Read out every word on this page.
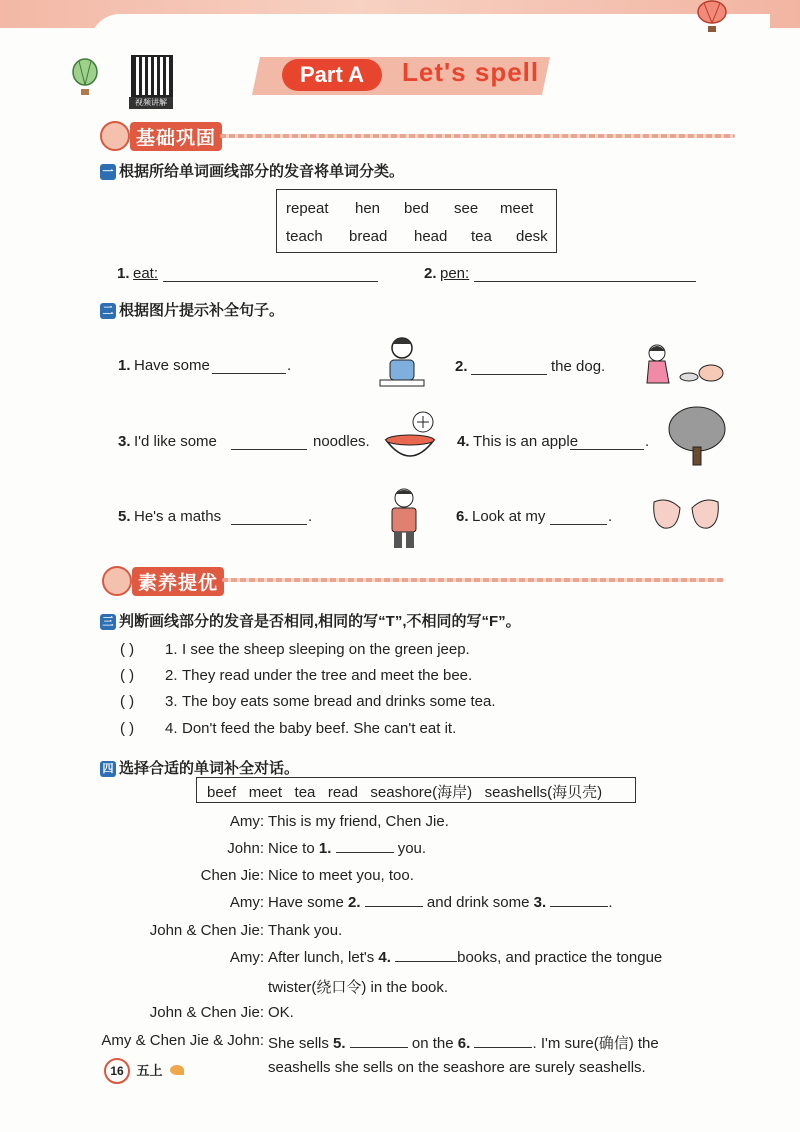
视频讲解
Part A	Let's spell
基础巩固
一 根据所给单词画线部分的发音将单词分类。
repeat hen bed see meet
teach bread head tea desk
1. eat:	2. pen:
二 根据图片提示补全句子。
1. Have some	.	2.	the dog.
3. I'd like some	noodles.	4. This is an apple	.
5. He's a maths	.	6. Look at my	.
素养提优
三 判断画线部分的发音是否相同,相同的写“T”,不相同的写“F”。
( ) 1. I see the sheep sleeping on the green jeep.
( ) 2. They read under the tree and meet the bee.
( ) 3. The boy eats some bread and drinks some tea.
( ) 4. Don't feed the baby beef. She can't eat it.
四 选择合适的单词补全对话。
beef   meet   tea   read   seashore(海岸)   seashells(海贝壳)
Amy: This is my friend, Chen Jie.
John: Nice to 1.	you.
Chen Jie: Nice to meet you, too.
Amy: Have some 2.	and drink some 3.	.
John & Chen Jie: Thank you.
Amy: After lunch, let's 4.	books, and practice the tongue
twister(绕口令) in the book.
John & Chen Jie: OK.
Amy & Chen Jie & John: She sells 5.	on the 6.	. I'm sure(确信) the
seashells she sells on the seashore are surely seashells.
16 五上
